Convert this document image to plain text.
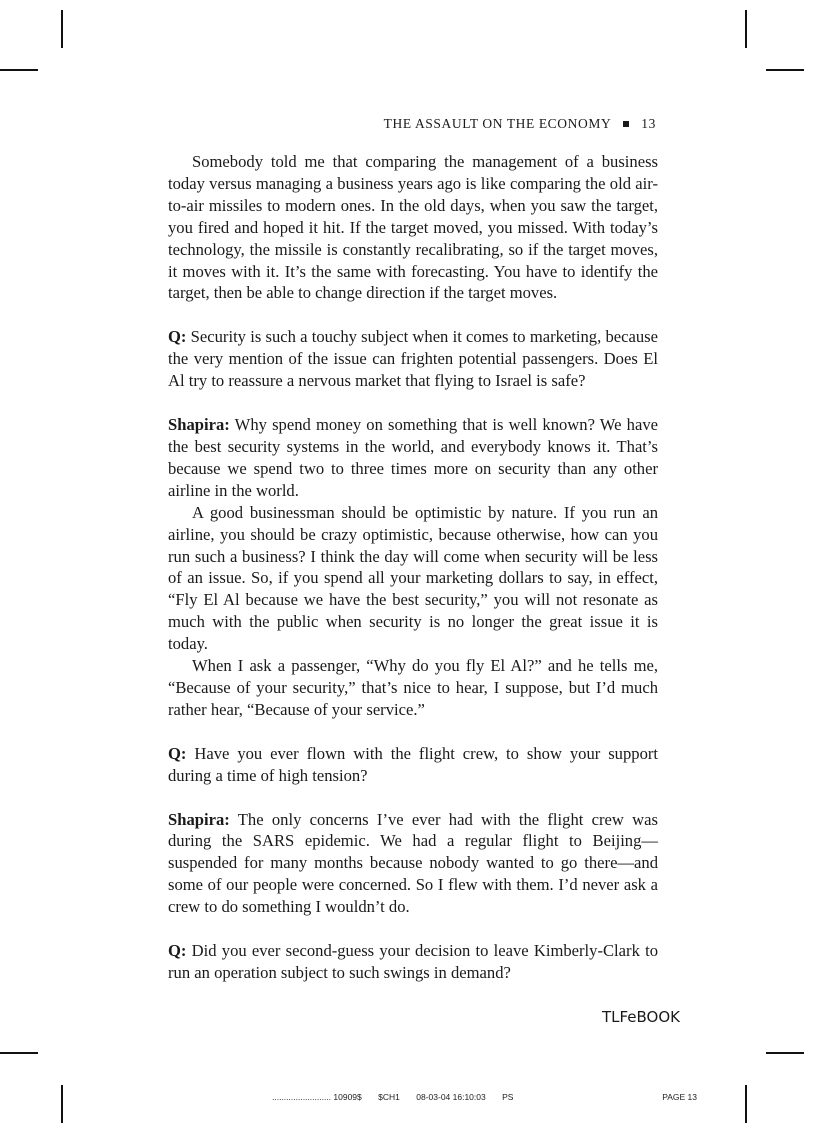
THE ASSAULT ON THE ECONOMY 13

Somebody told me that comparing the management of a business today versus managing a business years ago is like comparing the old air-to-air missiles to modern ones. In the old days, when you saw the target, you fired and hoped it hit. If the target moved, you missed. With today’s technology, the missile is constantly recalibrating, so if the target moves, it moves with it. It’s the same with forecasting. You have to identify the target, then be able to change direction if the target moves.

Q: Security is such a touchy subject when it comes to marketing, because the very mention of the issue can frighten potential passengers. Does El Al try to reassure a nervous market that flying to Israel is safe?

Shapira: Why spend money on something that is well known? We have the best security systems in the world, and everybody knows it. That’s because we spend two to three times more on security than any other airline in the world.

A good businessman should be optimistic by nature. If you run an airline, you should be crazy optimistic, because otherwise, how can you run such a business? I think the day will come when security will be less of an issue. So, if you spend all your marketing dollars to say, in effect, “Fly El Al because we have the best security,” you will not resonate as much with the public when security is no longer the great issue it is today.

When I ask a passenger, “Why do you fly El Al?” and he tells me, “Because of your security,” that’s nice to hear, I suppose, but I’d much rather hear, “Because of your service.”

Q: Have you ever flown with the flight crew, to show your support during a time of high tension?

Shapira: The only concerns I’ve ever had with the flight crew was during the SARS epidemic. We had a regular flight to Beijing—suspended for many months because nobody wanted to go there—and some of our people were concerned. So I flew with them. I’d never ask a crew to do something I wouldn’t do.

Q: Did you ever second-guess your decision to leave Kimberly-Clark to run an operation subject to such swings in demand?

TLFeBOOK
......................... 10909$ $CH1 08-03-04 16:10:03 PS	PAGE 13
